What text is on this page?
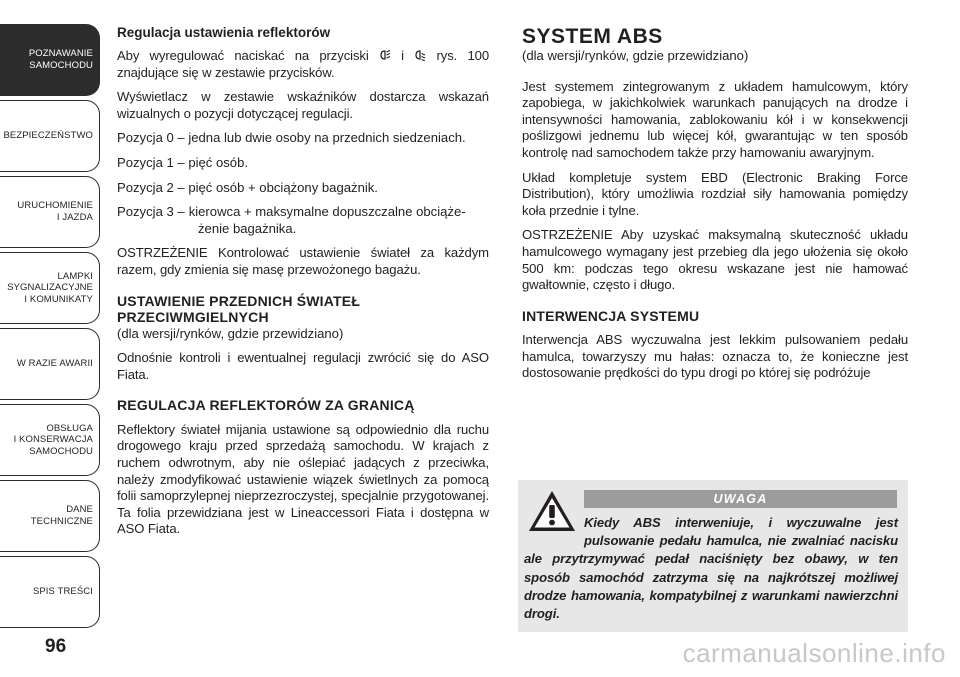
POZNAWANIE
SAMOCHODU
BEZPIECZEŃSTWO
URUCHOMIENIE
I JAZDA
LAMPKI
SYGNALIZACYJNE
I KOMUNIKATY
W RAZIE AWARII
OBSŁUGA
I KONSERWACJA
SAMOCHODU
DANE
TECHNICZNE
SPIS TREŚCI
96
Regulacja ustawienia reflektorów

Aby wyregulować naciskać na przyciski  i  rys. 100 znajdujące się w zestawie przycisków.

Wyświetlacz w zestawie wskaźników dostarcza wskazań wizualnych o pozycji dotyczącej regulacji.

Pozycja 0 – jedna lub dwie osoby na przednich siedzeniach.
Pozycja 1 – pięć osób.
Pozycja 2 – pięć osób + obciążony bagażnik.
Pozycja 3 – kierowca + maksymalne dopuszczalne obciąże-
żenie bagażnika.

OSTRZEŻENIE Kontrolować ustawienie świateł za każdym razem, gdy zmienia się masę przewożonego bagażu.

USTAWIENIE PRZEDNICH ŚWIATEŁ PRZECIWMGIELNYCH
(dla wersji/rynków, gdzie przewidziano)

Odnośnie kontroli i ewentualnej regulacji zwrócić się do ASO Fiata.

REGULACJA REFLEKTORÓW ZA GRANICĄ

Reflektory świateł mijania ustawione są odpowiednio dla ruchu drogowego kraju przed sprzedażą samochodu. W krajach z ruchem odwrotnym, aby nie oślepiać jadących z przeciwka, należy zmodyfikować ustawienie wiązek świetlnych za pomocą folii samoprzylepnej nieprzezroczystej, specjalnie przygotowanej. Ta folia przewidziana jest w Lineaccessori Fiata i dostępna w ASO Fiata.

SYSTEM ABS
(dla wersji/rynków, gdzie przewidziano)

Jest systemem zintegrowanym z układem hamulcowym, który zapobiega, w jakichkolwiek warunkach panujących na drodze i intensywności hamowania, zablokowaniu kół i w konsekwencji poślizgowi jednemu lub więcej kół, gwarantując w ten sposób kontrolę nad samochodem także przy hamowaniu awaryjnym.

Układ kompletuje system EBD (Electronic Braking Force Distribution), który umożliwia rozdział siły hamowania pomiędzy koła przednie i tylne.

OSTRZEŻENIE Aby uzyskać maksymalną skuteczność układu hamulcowego wymagany jest przebieg dla jego ułożenia się około 500 km: podczas tego okresu wskazane jest nie hamować gwałtownie, często i długo.

INTERWENCJA SYSTEMU

Interwencja ABS wyczuwalna jest lekkim pulsowaniem pedału hamulca, towarzyszy mu hałas: oznacza to, że konieczne jest dostosowanie prędkości do typu drogi po której się podróżuje

UWAGA
Kiedy ABS interweniuje, i wyczuwalne jest pulsowanie pedału hamulca, nie zwalniać nacisku ale przytrzymywać pedał naciśnięty bez obawy, w ten sposób samochód zatrzyma się na najkrótszej możliwej drodze hamowania, kompatybilnej z warunkami nawierzchni drogi.
carmanualsonline.info
